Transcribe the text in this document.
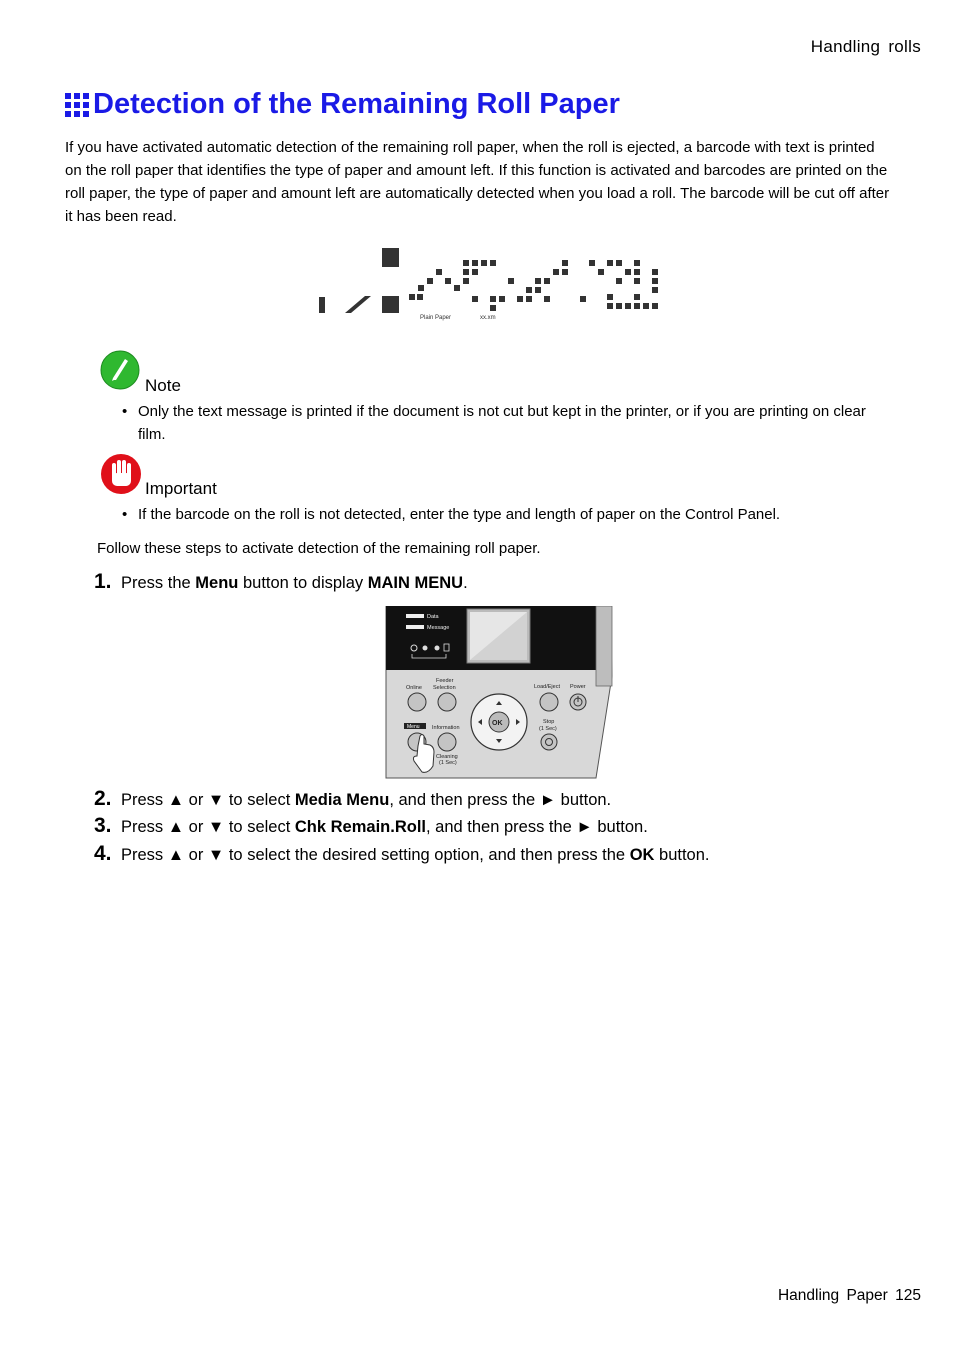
Handling rolls
Detection of the Remaining Roll Paper

If you have activated automatic detection of the remaining roll paper, when the roll is ejected, a barcode with text is printed on the roll paper that identifies the type of paper and amount left. If this function is activated and barcodes are printed on the roll paper, the type of paper and amount left are automatically detected when you load a roll. The barcode will be cut off after it has been read.

Plain Paper	xx.xm
Note
• Only the text message is printed if the document is not cut but kept in the printer, or if you are printing on clear film.
Important
• If the barcode on the roll is not detected, enter the type and length of paper on the Control Panel.
Follow these steps to activate detection of the remaining roll paper.
1. Press the Menu button to display MAIN MENU.
Data
Message
Online
Feeder
Selection	Load/Eject Power
Stop
(1 Sec)
Information
Cleaning
(1 Sec)
Menu	OK
2. Press ▲ or ▼ to select Media Menu, and then press the ► button.
3. Press ▲ or ▼ to select Chk Remain.Roll, and then press the ► button.
4. Press ▲ or ▼ to select the desired setting option, and then press the OK button.
Handling Paper 125
